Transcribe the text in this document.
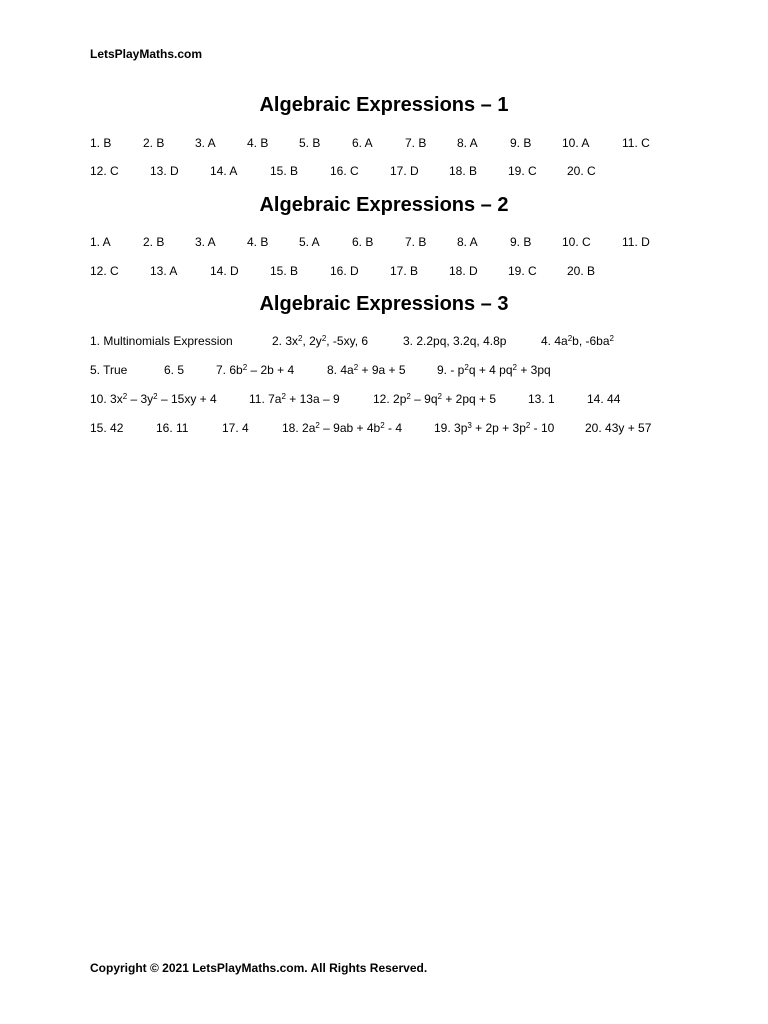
LetsPlayMaths.com
Algebraic Expressions – 1
Algebraic Expressions – 2
Algebraic Expressions – 3
1. B	2. B	3. A	4. B	5. B	6. A	7. B	8. A	9. B	10. A	11. C
12. C	13. D	14. A	15. B	16. C	17. D	18. B	19. C	20. C
1. A	2. B	3. A	4. B	5. A	6. B	7. B	8. A	9. B	10. C	11. D
12. C	13. A	14. D	15. B	16. D	17. B	18. D	19. C	20. B
1. Multinomials Expression	2. $3x^2$, $2y^2$, -5xy, 6	3. 2.2pq, 3.2q, 4.8p	4. $4a^2b$, $-6ba^2$
5. True	6. 5	7. $6b^2 - 2b + 4$	8. $4a^2 + 9a + 5$	9. - $p^2q + 4$ $pq^2 + 3pq$
10. $3x^2 - 3y^2 - 15xy + 4$	11. $7a^2 + 13a - 9$	12. $2p^2 - 9q^2 + 2pq + 5$	13. 1	14. 44
15. 42	16. 11	17. 4	18. $2a^2 - 9ab + 4b^2 - 4$	19. $3p^3 + 2p + 3p^2 - 10$	20. 43y + 57
Copyright © 2021 LetsPlayMaths.com. All Rights Reserved.
